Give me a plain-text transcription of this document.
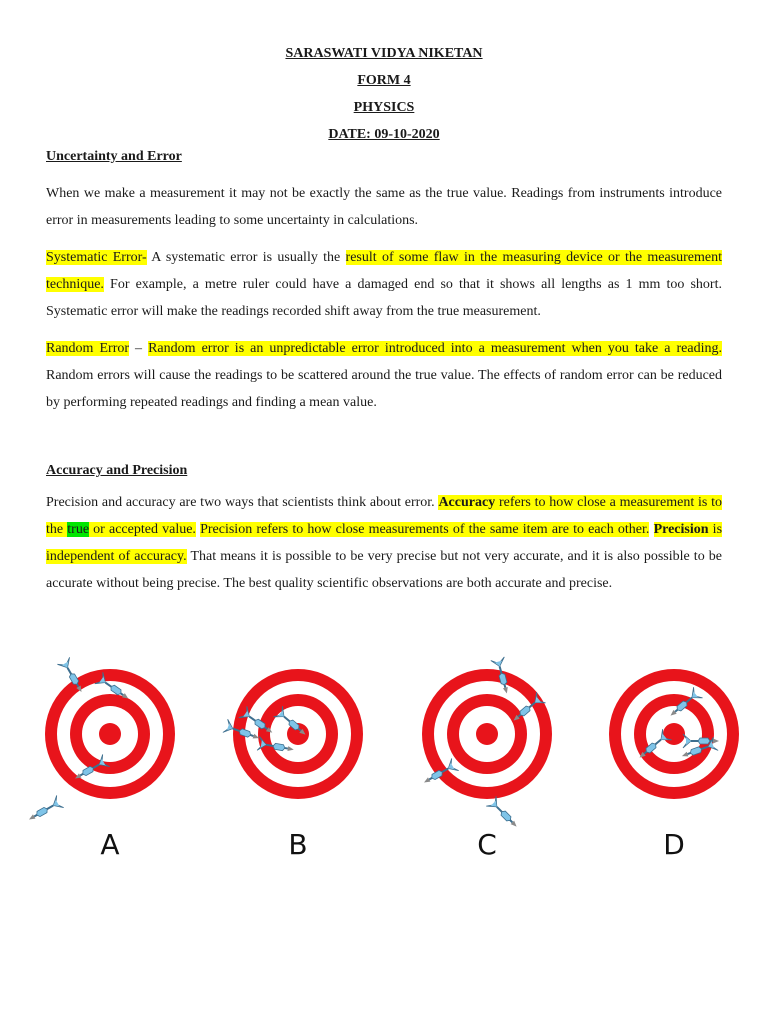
SARASWATI VIDYA NIKETAN
FORM 4
PHYSICS
DATE: 09-10-2020
Uncertainty and Error

When we make a measurement it may not be exactly the same as the true value. Readings from instruments introduce error in measurements leading to some uncertainty in calculations.

Systematic Error- A systematic error is usually the result of some flaw in the measuring device or the measurement technique. For example, a metre ruler could have a damaged end so that it shows all lengths as 1 mm too short. Systematic error will make the readings recorded shift away from the true measurement.

Random Error – Random error is an unpredictable error introduced into a measurement when you take a reading. Random errors will cause the readings to be scattered around the true value. The effects of random error can be reduced by performing repeated readings and finding a mean value.

Accuracy and Precision

Precision and accuracy are two ways that scientists think about error. Accuracy refers to how close a measurement is to the true or accepted value. Precision refers to how close measurements of the same item are to each other. Precision is independent of accuracy. That means it is possible to be very precise but not very accurate, and it is also possible to be accurate without being precise. The best quality scientific observations are both accurate and precise.

A	B	C	D
